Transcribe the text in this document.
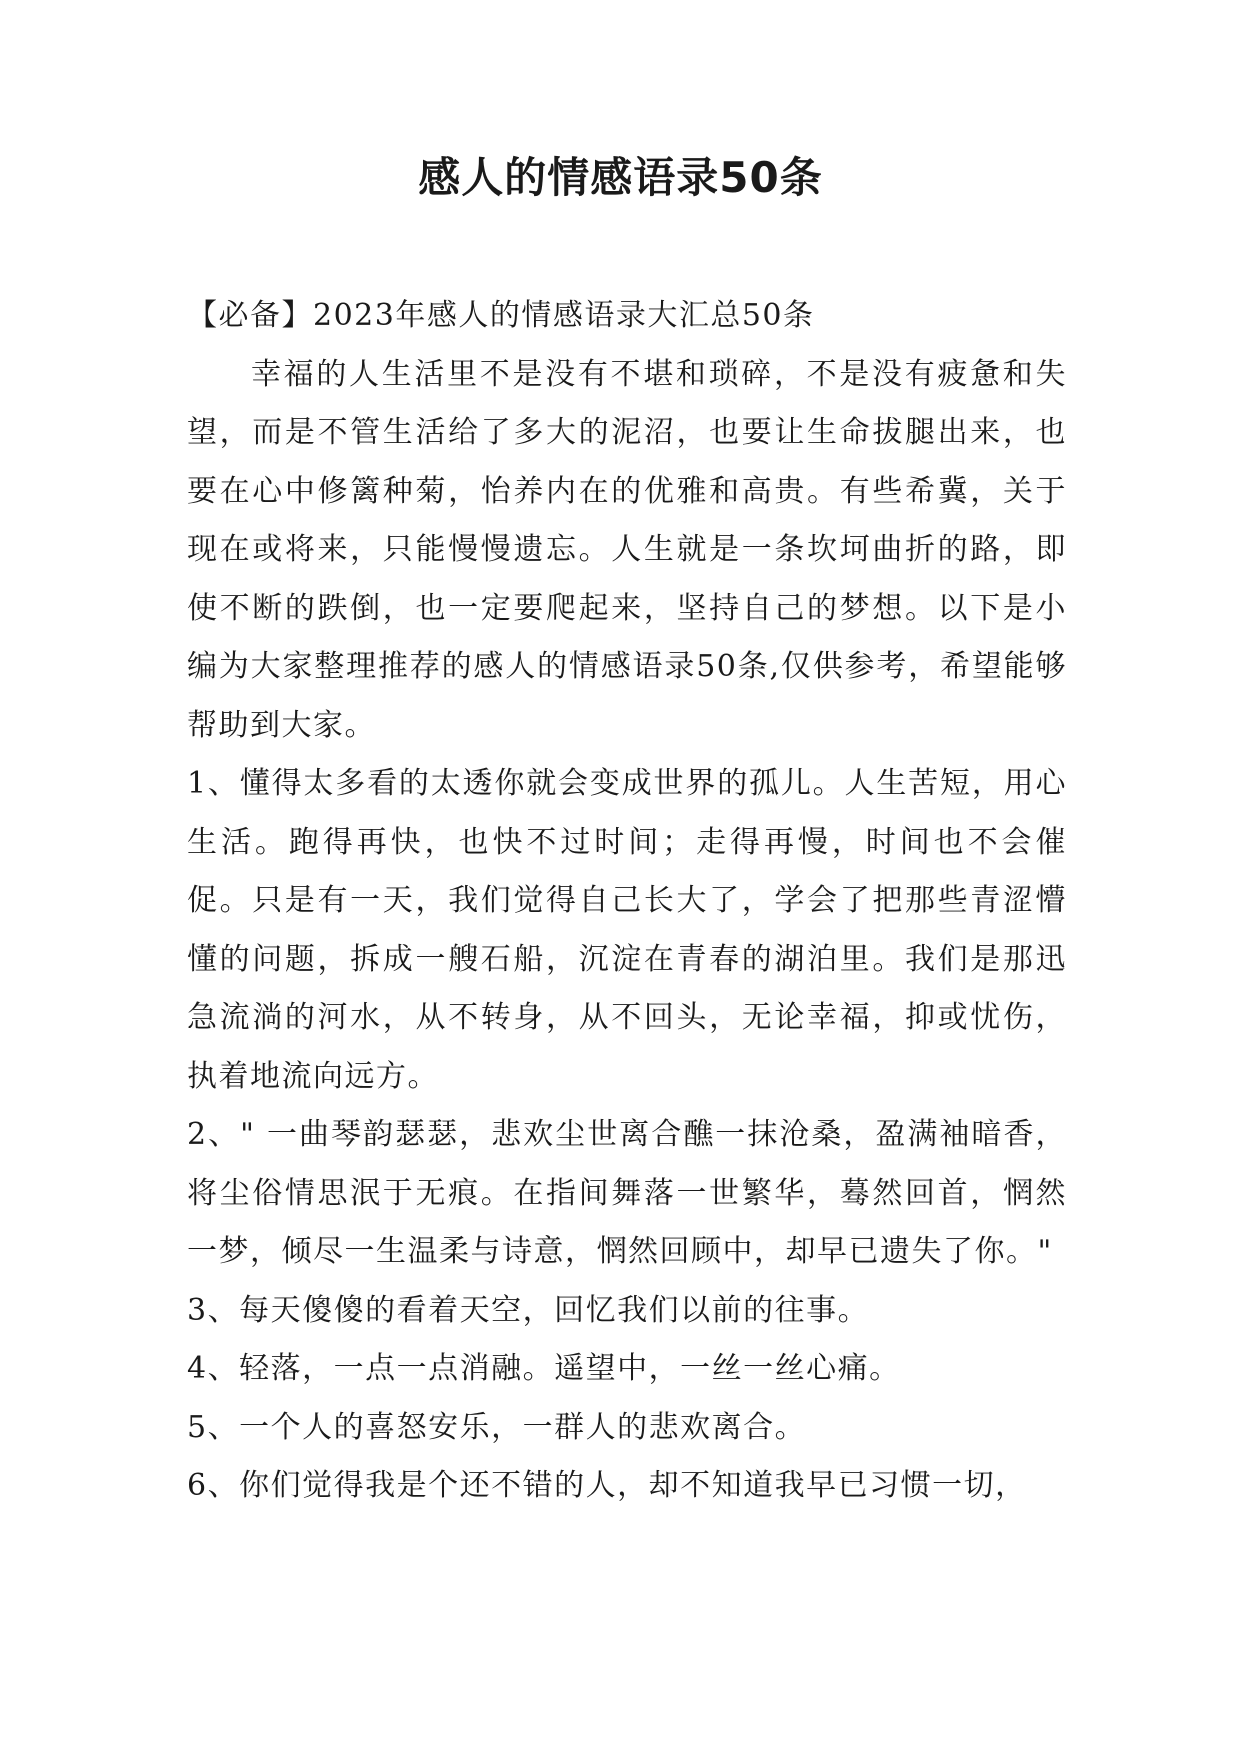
感人的情感语录50条

【必备】2023年感人的情感语录大汇总50条

幸福的人生活里不是没有不堪和琐碎，不是没有疲惫和失望，而是不管生活给了多大的泥沼，也要让生命拔腿出来，也要在心中修篱种菊，怡养内在的优雅和高贵。有些希冀，关于现在或将来，只能慢慢遗忘。人生就是一条坎坷曲折的路，即使不断的跌倒，也一定要爬起来，坚持自己的梦想。以下是小编为大家整理推荐的感人的情感语录50条,仅供参考，希望能够帮助到大家。

1、懂得太多看的太透你就会变成世界的孤儿。人生苦短，用心生活。跑得再快，也快不过时间；走得再慢，时间也不会催促。只是有一天，我们觉得自己长大了，学会了把那些青涩懵懂的问题，拆成一艘石船，沉淀在青春的湖泊里。我们是那迅急流淌的河水，从不转身，从不回头，无论幸福，抑或忧伤，执着地流向远方。

2、" 一曲琴韵瑟瑟，悲欢尘世离合醮一抹沧桑，盈满袖暗香，将尘俗情思泯于无痕。在指间舞落一世繁华，蓦然回首，惘然一梦，倾尽一生温柔与诗意，惘然回顾中，却早已遗失了你。"

3、每天傻傻的看着天空，回忆我们以前的往事。

4、轻落，一点一点消融。遥望中，一丝一丝心痛。

5、一个人的喜怒安乐，一群人的悲欢离合。

6、你们觉得我是个还不错的人，却不知道我早已习惯一切，
